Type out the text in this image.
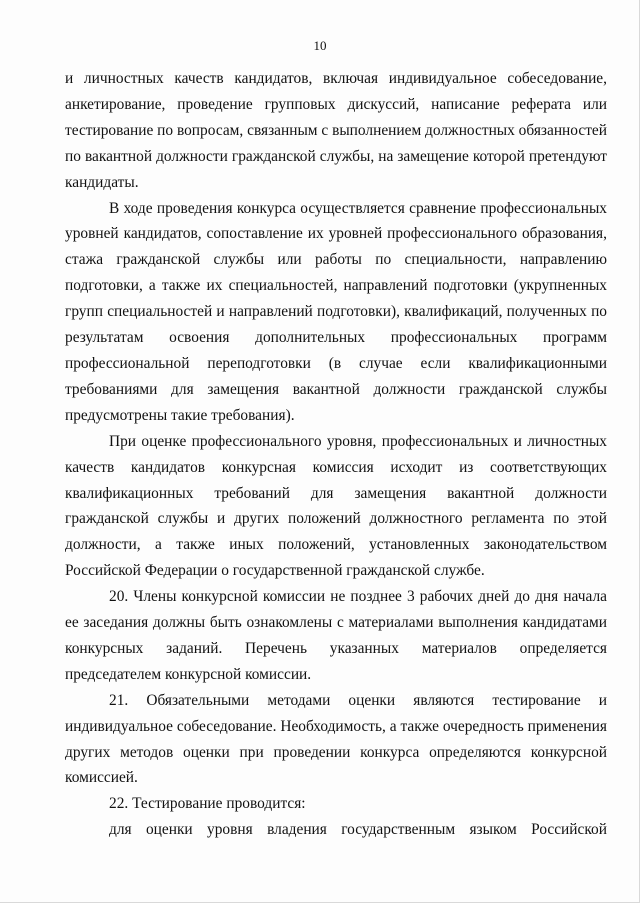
10

и личностных качеств кандидатов, включая индивидуальное собеседование, анкетирование, проведение групповых дискуссий, написание реферата или тестирование по вопросам, связанным с выполнением должностных обязанностей по вакантной должности гражданской службы, на замещение которой претендуют кандидаты.

В ходе проведения конкурса осуществляется сравнение профессиональных уровней кандидатов, сопоставление их уровней профессионального образования, стажа гражданской службы или работы по специальности, направлению подготовки, а также их специальностей, направлений подготовки (укрупненных групп специальностей и направлений подготовки), квалификаций, полученных по результатам освоения дополнительных профессиональных программ профессиональной переподготовки (в случае если квалификационными требованиями для замещения вакантной должности гражданской службы предусмотрены такие требования).

При оценке профессионального уровня, профессиональных и личностных качеств кандидатов конкурсная комиссия исходит из соответствующих квалификационных требований для замещения вакантной должности гражданской службы и других положений должностного регламента по этой должности, а также иных положений, установленных законодательством Российской Федерации о государственной гражданской службе.

20. Члены конкурсной комиссии не позднее 3 рабочих дней до дня начала ее заседания должны быть ознакомлены с материалами выполнения кандидатами конкурсных заданий. Перечень указанных материалов определяется председателем конкурсной комиссии.

21. Обязательными методами оценки являются тестирование и индивидуальное собеседование. Необходимость, а также очередность применения других методов оценки при проведении конкурса определяются конкурсной комиссией.

22. Тестирование проводится:

для оценки уровня владения государственным языком Российской
